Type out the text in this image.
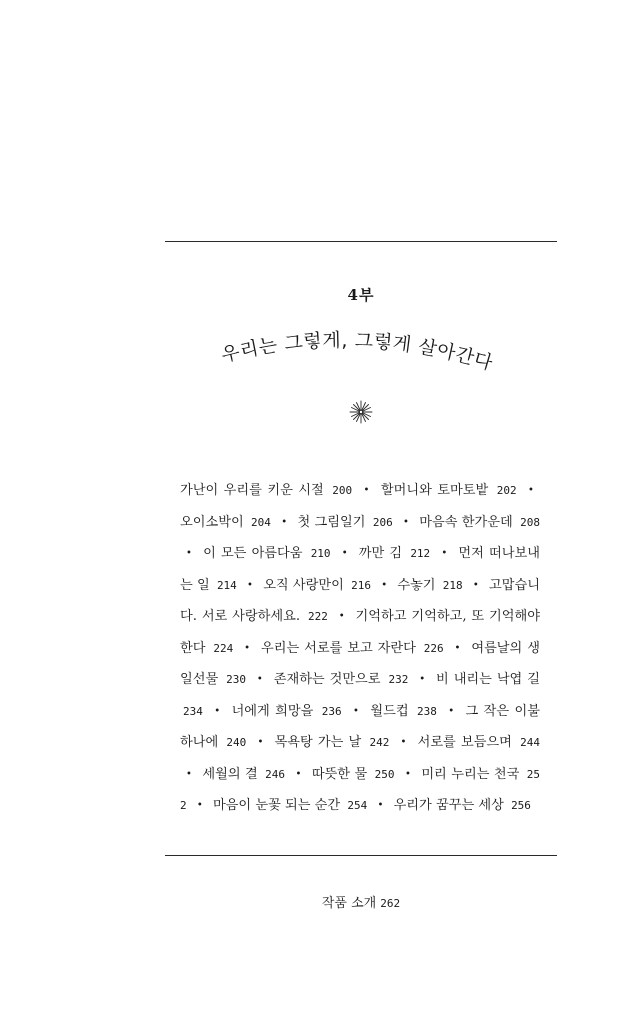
4부
우리는 그렇게, 그렇게 살아간다
가난이 우리를 키운 시절 200 • 할머니와 토마토밭 202 • 오이소박이 204 • 첫 그림일기 206 • 마음속 한가운데 208 • 이 모든 아름다움 210 • 까만 김 212 • 먼저 떠나보내는 일 214 • 오직 사랑만이 216 • 수놓기 218 • 고맙습니다. 서로 사랑하세요. 222 • 기억하고 기억하고, 또 기억해야 한다 224 • 우리는 서로를 보고 자란다 226 • 여름날의 생일선물 230 • 존재하는 것만으로 232 • 비 내리는 낙엽 길 234 • 너에게 희망을 236 • 월드컵 238 • 그 작은 이불 하나에 240 • 목욕탕 가는 날 242 • 서로를 보듬으며 244 • 세월의 결 246 • 따뜻한 물 250 • 미리 누리는 천국 252 • 마음이 눈꽃 되는 순간 254 • 우리가 꿈꾸는 세상 256
작품 소개 262
